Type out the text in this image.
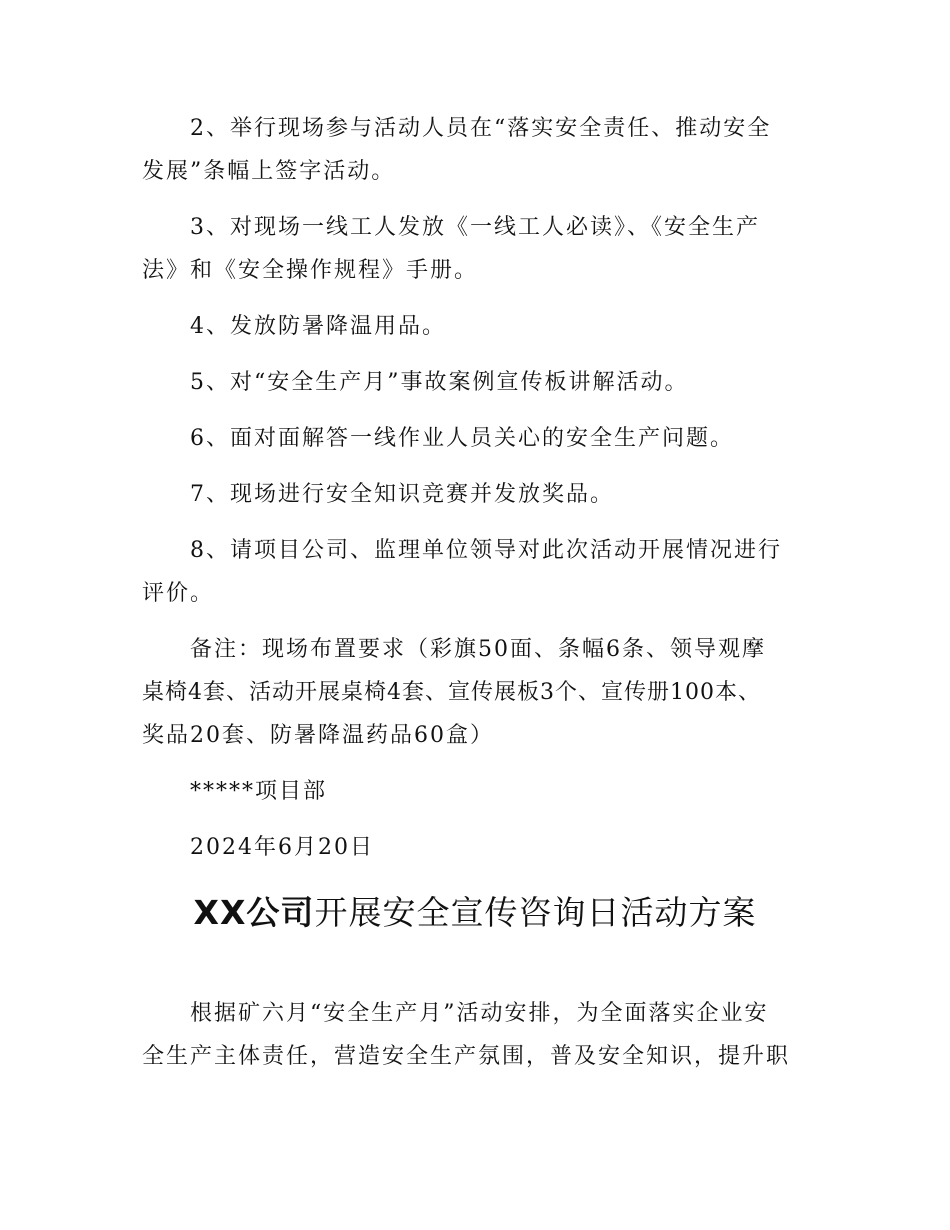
2、举行现场参与活动人员在“落实安全责任、推动安全
发展”条幅上签字活动。
3、对现场一线工人发放《一线工人必读》、《安全生产
法》和《安全操作规程》手册。
4、发放防暑降温用品。
5、对“安全生产月”事故案例宣传板讲解活动。
6、面对面解答一线作业人员关心的安全生产问题。
7、现场进行安全知识竞赛并发放奖品。
8、请项目公司、监理单位领导对此次活动开展情况进行
评价。
备注：现场布置要求（彩旗50面、条幅6条、领导观摩
桌椅4套、活动开展桌椅4套、宣传展板3个、宣传册100本、
奖品20套、防暑降温药品60盒）
*****项目部
2024年6月20日
XX公司开展安全宣传咨询日活动方案
根据矿六月“安全生产月”活动安排，为全面落实企业安
全生产主体责任，营造安全生产氛围，普及安全知识，提升职
